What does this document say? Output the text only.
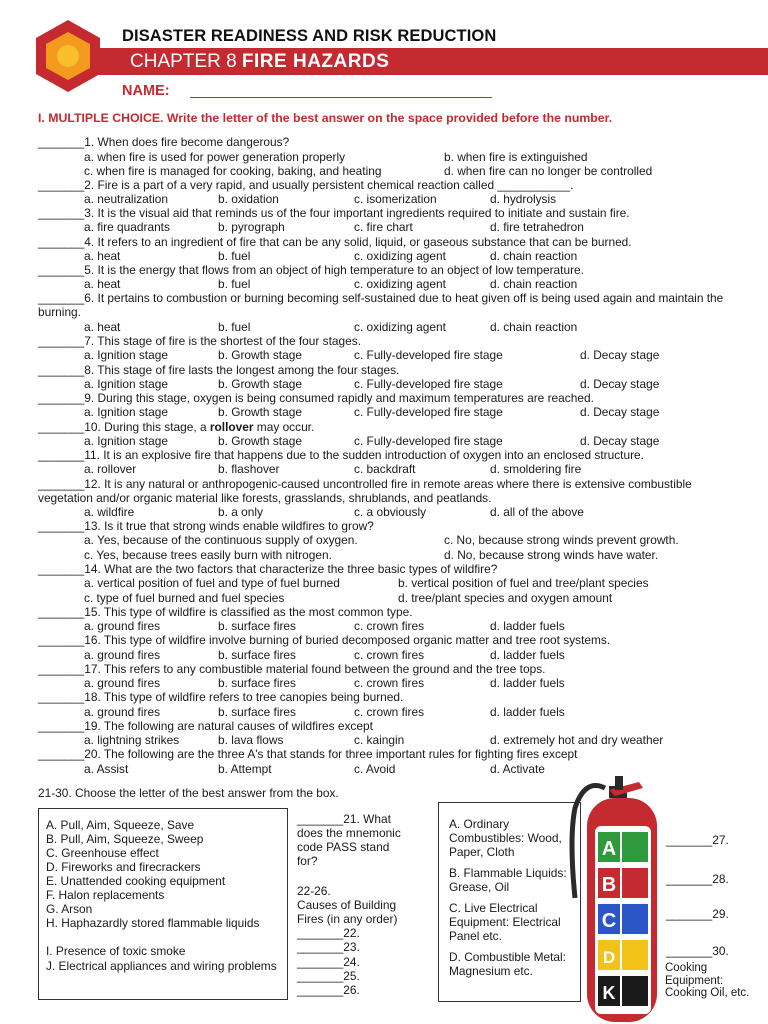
DISASTER READINESS AND RISK REDUCTION
CHAPTER 8 FIRE HAZARDS
NAME:
I. MULTIPLE CHOICE. Write the letter of the best answer on the space provided before the number.
_______1. When does fire become dangerous?
a. when fire is used for power generation properly	b. when fire is extinguished
c. when fire is managed for cooking, baking, and heating	d. when fire can no longer be controlled
_______2. Fire is a part of a very rapid, and usually persistent chemical reaction called ___________.
a. neutralization	b. oxidation	c. isomerization	d. hydrolysis
_______3. It is the visual aid that reminds us of the four important ingredients required to initiate and sustain fire.
a. fire quadrants	b. pyrograph	c. fire chart	d. fire tetrahedron
_______4. It refers to an ingredient of fire that can be any solid, liquid, or gaseous substance that can be burned.
a. heat	b. fuel	c. oxidizing agent	d. chain reaction
_______5. It is the energy that flows from an object of high temperature to an object of low temperature.
a. heat	b. fuel	c. oxidizing agent	d. chain reaction
_______6. It pertains to combustion or burning becoming self-sustained due to heat given off is being used again and maintain the burning.
a. heat	b. fuel	c. oxidizing agent	d. chain reaction
_______7. This stage of fire is the shortest of the four stages.
a. Ignition stage	b. Growth stage	c. Fully-developed fire stage	d. Decay stage
_______8. This stage of fire lasts the longest among the four stages.
a. Ignition stage	b. Growth stage	c. Fully-developed fire stage	d. Decay stage
_______9. During this stage, oxygen is being consumed rapidly and maximum temperatures are reached.
a. Ignition stage	b. Growth stage	c. Fully-developed fire stage	d. Decay stage
_______10. During this stage, a rollover may occur.
a. Ignition stage	b. Growth stage	c. Fully-developed fire stage	d. Decay stage
_______11. It is an explosive fire that happens due to the sudden introduction of oxygen into an enclosed structure.
a. rollover	b. flashover	c. backdraft	d. smoldering fire
_______12. It is any natural or anthropogenic-caused uncontrolled fire in remote areas where there is extensive combustible vegetation and/or organic material like forests, grasslands, shrublands, and peatlands.
a. wildfire	b. a only	c. a obviously	d. all of the above
_______13. Is it true that strong winds enable wildfires to grow?
a. Yes, because of the continuous supply of oxygen.	c. No, because strong winds prevent growth.
c. Yes, because trees easily burn with nitrogen.	d. No, because strong winds have water.
_______14. What are the two factors that characterize the three basic types of wildfire?
a. vertical position of fuel and type of fuel burned	b. vertical position of fuel and tree/plant species
c. type of fuel burned and fuel species	d. tree/plant species and oxygen amount
_______15. This type of wildfire is classified as the most common type.
a. ground fires	b. surface fires	c. crown fires	d. ladder fuels
_______16. This type of wildfire involve burning of buried decomposed organic matter and tree root systems.
a. ground fires	b. surface fires	c. crown fires	d. ladder fuels
_______17. This refers to any combustible material found between the ground and the tree tops.
a. ground fires	b. surface fires	c. crown fires	d. ladder fuels
_______18. This type of wildfire refers to tree canopies being burned.
a. ground fires	b. surface fires	c. crown fires	d. ladder fuels
_______19. The following are natural causes of wildfires except
a. lightning strikes	b. lava flows	c. kaingin	d. extremely hot and dry weather
_______20. The following are the three A's that stands for three important rules for fighting fires except
a. Assist	b. Attempt	c. Avoid	d. Activate
21-30. Choose the letter of the best answer from the box.
A. Pull, Aim, Squeeze, Save
B. Pull, Aim, Squeeze, Sweep
C. Greenhouse effect
D. Fireworks and firecrackers
E. Unattended cooking equipment
F. Halon replacements
G. Arson
H. Haphazardly stored flammable liquids
I. Presence of toxic smoke
J. Electrical appliances and wiring problems
_______21. What
does the mnemonic
code PASS stand
for?
22-26.
Causes of Building
Fires (in any order)
_______22.
_______23.
_______24.
_______25.
_______26.
A. Ordinary Combustibles: Wood, Paper, Cloth
B. Flammable Liquids: Grease, Oil
C. Live Electrical Equipment: Electrical Panel etc.
D. Combustible Metal: Magnesium etc.
A
B
C
D
K
_______27.
_______28.
_______29.
_______30.
Cooking Equipment: Cooking Oil, etc.
